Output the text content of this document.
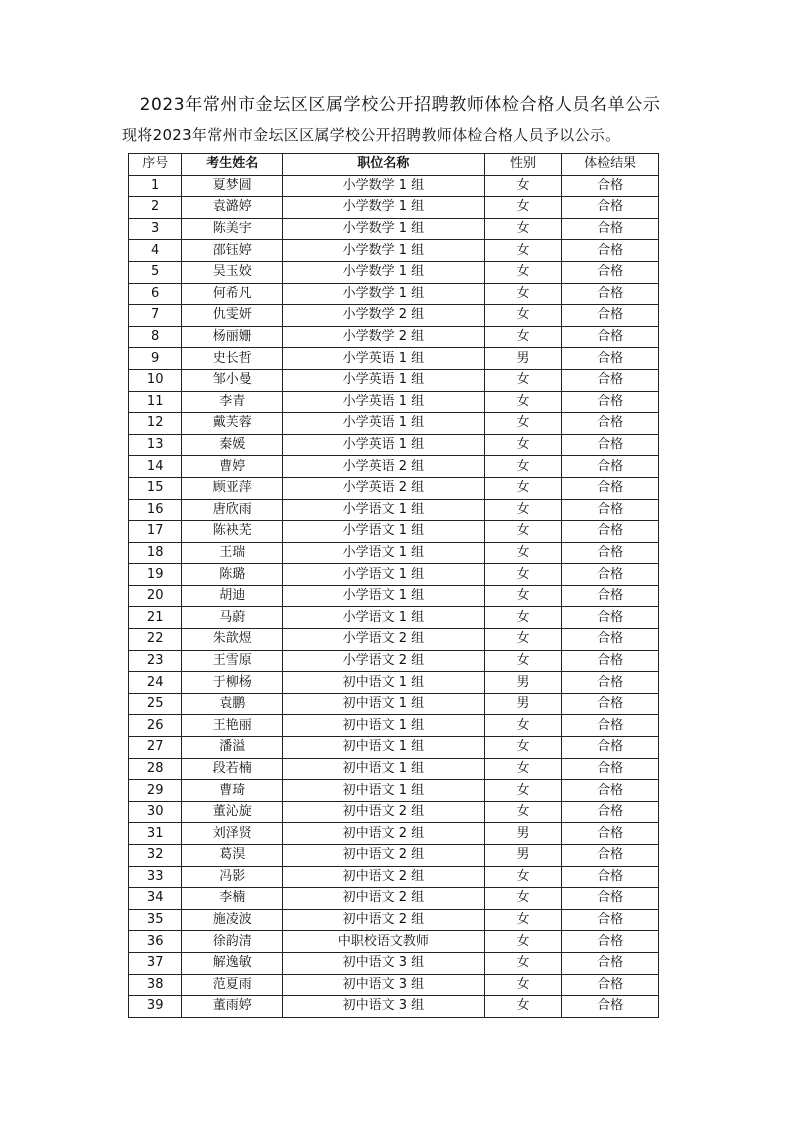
2023年常州市金坛区区属学校公开招聘教师体检合格人员名单公示

现将2023年常州市金坛区区属学校公开招聘教师体检合格人员予以公示。

序号	考生姓名	职位名称	性别	体检结果
1	夏梦圆	小学数学 1 组	女	合格
2	袁潞婷	小学数学 1 组	女	合格
3	陈美宇	小学数学 1 组	女	合格
4	邵钰婷	小学数学 1 组	女	合格
5	吴玉姣	小学数学 1 组	女	合格
6	何希凡	小学数学 1 组	女	合格
7	仇雯妍	小学数学 2 组	女	合格
8	杨丽姗	小学数学 2 组	女	合格
9	史长哲	小学英语 1 组	男	合格
10	邹小曼	小学英语 1 组	女	合格
11	李青	小学英语 1 组	女	合格
12	戴芙蓉	小学英语 1 组	女	合格
13	秦媛	小学英语 1 组	女	合格
14	曹婷	小学英语 2 组	女	合格
15	顾亚萍	小学英语 2 组	女	合格
16	唐欣雨	小学语文 1 组	女	合格
17	陈袂芜	小学语文 1 组	女	合格
18	王瑞	小学语文 1 组	女	合格
19	陈璐	小学语文 1 组	女	合格
20	胡迪	小学语文 1 组	女	合格
21	马蔚	小学语文 1 组	女	合格
22	朱歆煜	小学语文 2 组	女	合格
23	王雪原	小学语文 2 组	女	合格
24	于柳杨	初中语文 1 组	男	合格
25	袁鹏	初中语文 1 组	男	合格
26	王艳丽	初中语文 1 组	女	合格
27	潘溢	初中语文 1 组	女	合格
28	段若楠	初中语文 1 组	女	合格
29	曹琦	初中语文 1 组	女	合格
30	董沁旋	初中语文 2 组	女	合格
31	刘泽贤	初中语文 2 组	男	合格
32	葛淏	初中语文 2 组	男	合格
33	冯影	初中语文 2 组	女	合格
34	李楠	初中语文 2 组	女	合格
35	施凌波	初中语文 2 组	女	合格
36	徐韵清	中职校语文教师	女	合格
37	解逸敏	初中语文 3 组	女	合格
38	范夏雨	初中语文 3 组	女	合格
39	董雨婷	初中语文 3 组	女	合格
